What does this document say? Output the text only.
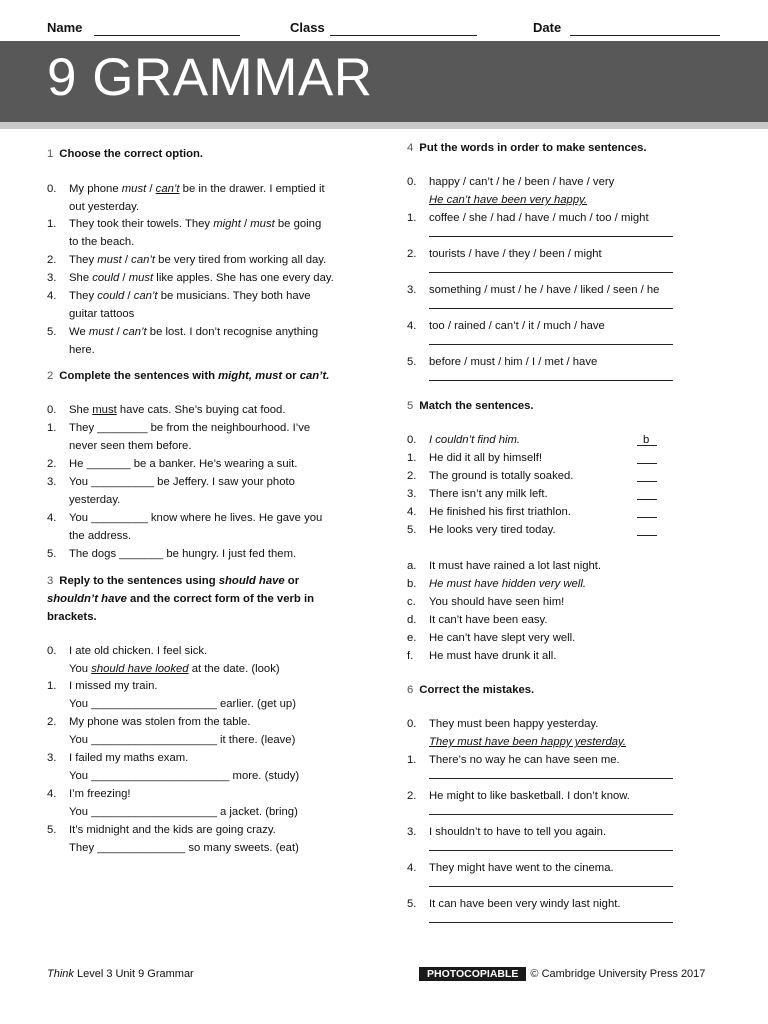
Name	Class	Date
9 GRAMMAR
1 Choose the correct option.
0.	My phone must / can’t be in the drawer. I emptied it
out yesterday.
1.	They took their towels. They might / must be going
to the beach.
2.	They must / can’t be very tired from working all day.
3.	She could / must like apples. She has one every day.
4.	They could / can’t be musicians. They both have
guitar tattoos
5.	We must / can’t be lost. I don’t recognise anything
here.
2 Complete the sentences with might, must or can’t.
0.	She must have cats. She’s buying cat food.
1.	They ________ be from the neighbourhood. I’ve
never seen them before.
2.	He _______ be a banker. He’s wearing a suit.
3.	You __________ be Jeffery. I saw your photo
yesterday.
4.	You _________ know where he lives. He gave you
the address.
5.	The dogs _______ be hungry. I just fed them.
3 Reply to the sentences using should have or
shouldn’t have and the correct form of the verb in
brackets.
0.	I ate old chicken. I feel sick.
You should have looked at the date. (look)
1.	I missed my train.
You ____________________ earlier. (get up)
2.	My phone was stolen from the table.
You ____________________ it there. (leave)
3.	I failed my maths exam.
You ______________________ more. (study)
4.	I’m freezing!
You ____________________ a jacket. (bring)
5.	It’s midnight and the kids are going crazy.
They ______________ so many sweets. (eat)
4 Put the words in order to make sentences.
0.	happy / can’t / he / been / have / very
He can’t have been very happy.
1.	coffee / she / had / have / much / too / might
2.	tourists / have / they / been / might
3.	something / must / he / have / liked / seen / he
4.	too / rained / can’t / it / much / have
5.	before / must / him / I / met / have
5 Match the sentences.
0.	I couldn’t find him.	b
1.	He did it all by himself!
2.	The ground is totally soaked.
3.	There isn’t any milk left.
4.	He finished his first triathlon.
5.	He looks very tired today.
a.	It must have rained a lot last night.
b.	He must have hidden very well.
c.	You should have seen him!
d.	It can’t have been easy.
e.	He can’t have slept very well.
f.	He must have drunk it all.
6 Correct the mistakes.
0.	They must been happy yesterday.
They must have been happy yesterday.
1.	There’s no way he can have seen me.
2.	He might to like basketball. I don’t know.
3.	I shouldn’t to have to tell you again.
4.	They might have went to the cinema.
5.	It can have been very windy last night.
Think Level 3 Unit 9 Grammar	PHOTOCOPIABLE © Cambridge University Press 2017
